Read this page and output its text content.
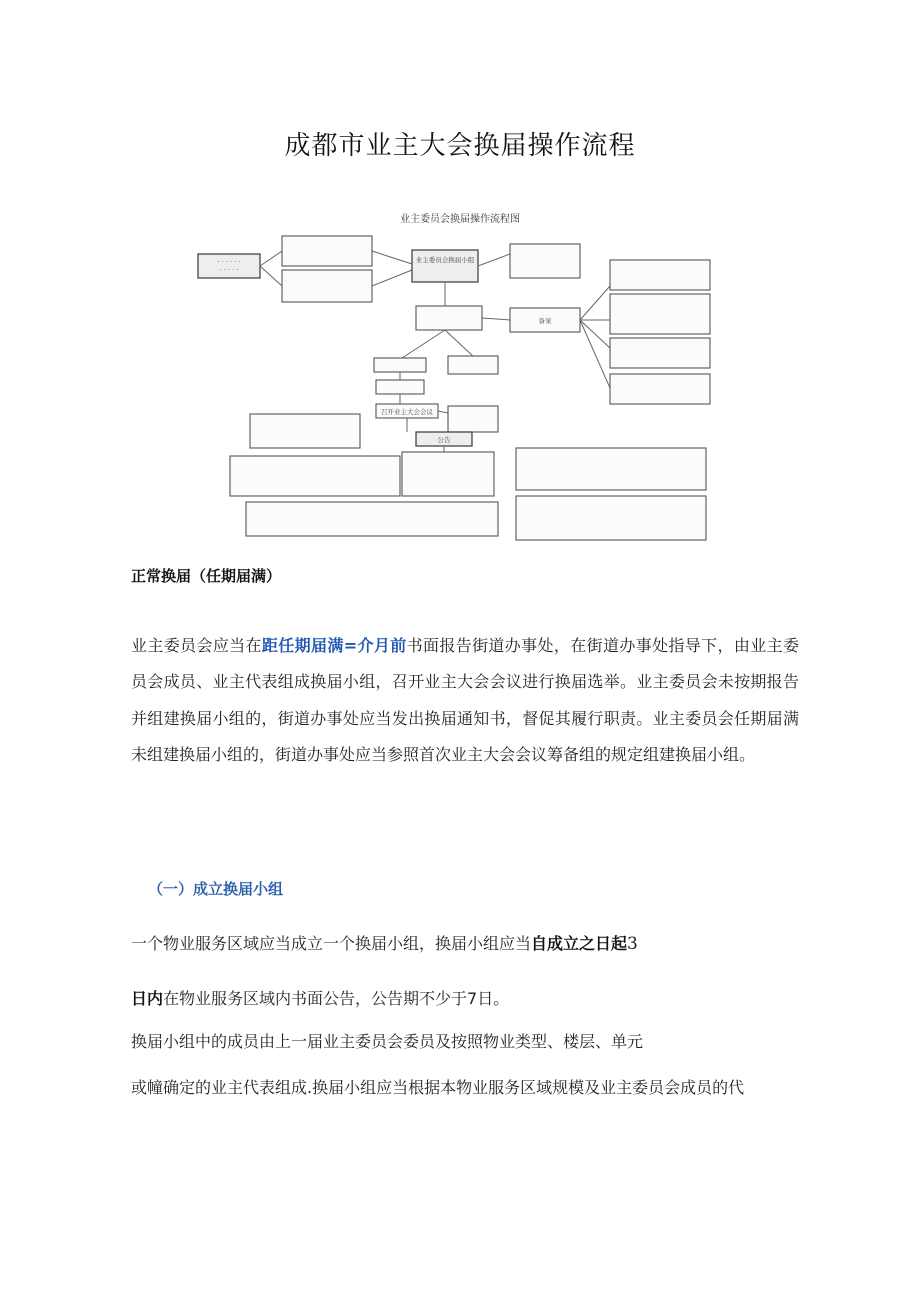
成都市业主大会换届操作流程
业主委员会换届操作流程图
· · · · · ·
· · · · ·
业主委员会换届小组
备案
召开业主大会会议
公告
正常换届（任期届满）
业主委员会应当在距任期届满=介月前书面报告街道办事处，在街道办事处指导下，由业主委员会成员、业主代表组成换届小组，召开业主大会会议进行换届选举。业主委员会未按期报告并组建换届小组的，街道办事处应当发出换届通知书，督促其履行职责。业主委员会任期届满未组建换届小组的，街道办事处应当参照首次业主大会会议筹备组的规定组建换届小组。
（一）成立换届小组
一个物业服务区域应当成立一个换届小组，换届小组应当自成立之日起3
日内在物业服务区域内书面公告，公告期不少于7日。
换届小组中的成员由上一届业主委员会委员及按照物业类型、楼层、单元
或幢确定的业主代表组成.换届小组应当根据本物业服务区域规模及业主委员会成员的代
